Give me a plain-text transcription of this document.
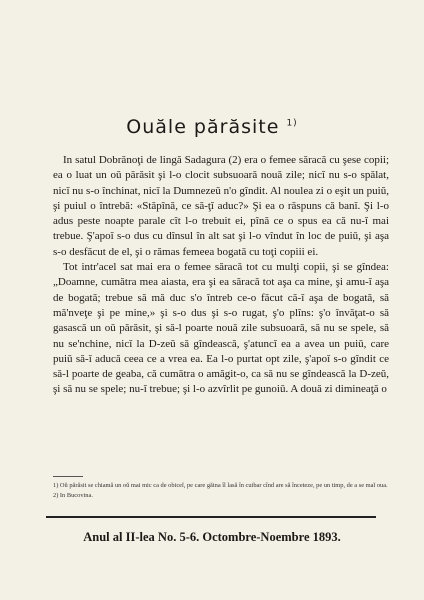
Ouăle părăsite $^{1)}$

In satul Dobrănoţi de lingă Sadagura (2) era o femee săracă cu şese copii; ea o luat un oŭ părăsit şi l-o clocit subsuoară nouă zile; nicĭ nu s-o spălat, nicĭ nu s-o închinat, nicĭ la Dumnezeŭ n'o gîndit. Al noulea zi o eşit un puiŭ, şi puiul o întrebă: «Stăpînă, ce să-ţĭ aduc?» Şi ea o răspuns că banĭ. Şi l-o adus peste noapte parale cît l-o trebuit ei, pînă ce o spus ea că nu-ĭ mai trebue. Ş'apoĭ s-o dus cu dînsul în alt sat şi l-o vîndut în loc de puiŭ, şi aşa s-o desfăcut de el, şi o rămas femeea bogată cu toţi copiii ei.

Tot intr'acel sat mai era o femee săracă tot cu mulţi copii, şi se gîndea: „Doamne, cumătra mea aiasta, era şi ea săracă tot aşa ca mine, şi amu-ĭ aşa de bogată; trebue să mă duc s'o întreb ce-o făcut că-ĭ aşa de bogată, să mă'nveţe şi pe mine,» şi s-o dus şi s-o rugat, ş'o plîns: ş'o învăţat-o să gasască un oŭ părăsit, şi să-l poarte nouă zile subsuoară, să nu se spele, să nu se'nchine, nicĭ la D-zeŭ să gîndească, ş'atuncĭ ea a avea un puiŭ, care puiŭ să-ĭ aducă ceea ce a vrea ea. Ea l-o purtat opt zile, ş'apoĭ s-o gîndit ce să-l poarte de geaba, că cumătra o amăgit-o, ca să nu se gîndească la D-zeŭ, şi să nu se spele; nu-ĭ trebue; şi l-o azvîrlit pe gunoiŭ. A două zi dimineaţă o

1) Oŭ părăsit se chiamă un oŭ mai mic ca de obiceĭ, pe care găina îl lasă în cuibar cînd are să înceteze, pe un timp, de a se maĭ oua.
2) In Bucovina.
Anul al II-lea No. 5-6. Octombre-Noembre 1893.
